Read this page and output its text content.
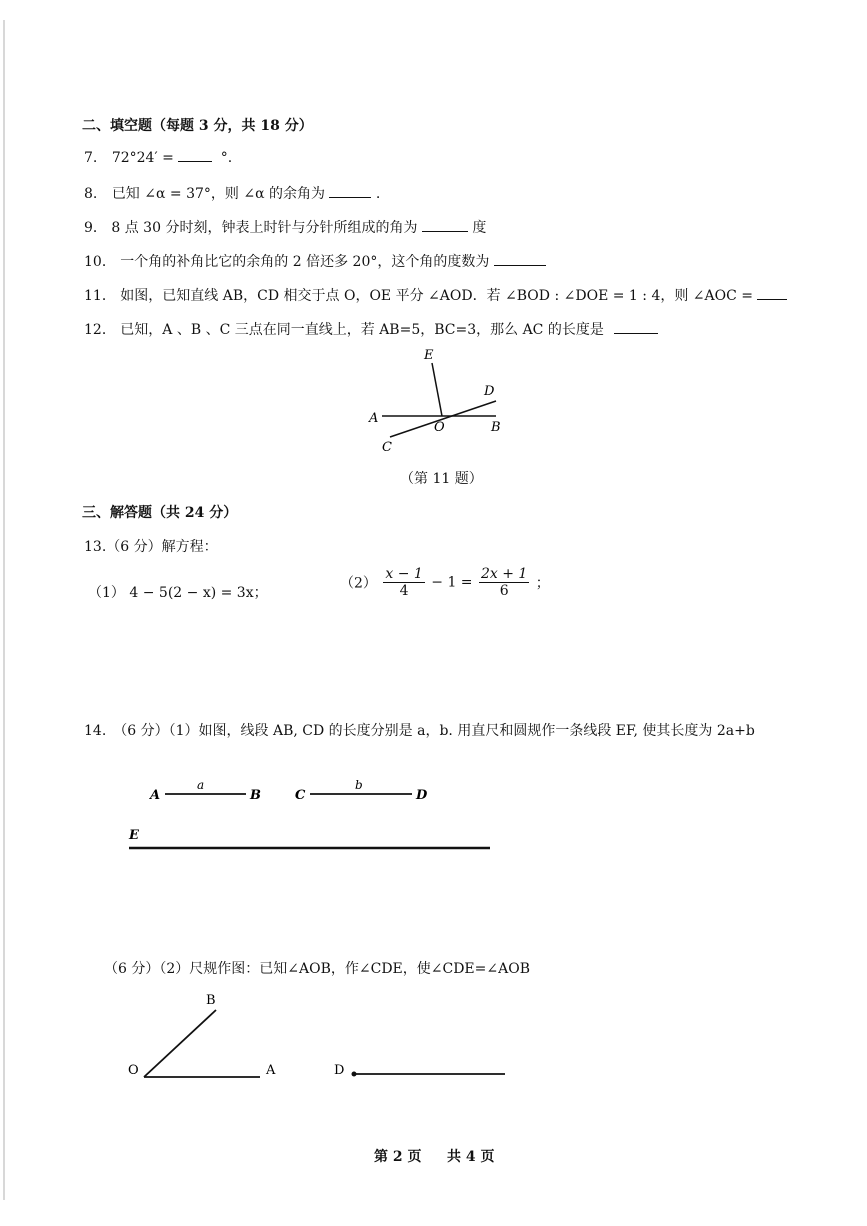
二、填空题（每题 3 分，共 18 分）
7. 72°24′ =	°.
8. 已知 ∠α = 37°，则 ∠α 的余角为	.
9． 8 点 30 分时刻，钟表上时针与分针所组成的角为	度
10． 一个角的补角比它的余角的 2 倍还多 20°，这个角的度数为
11． 如图，已知直线 AB，CD 相交于点 O，OE 平分 ∠AOD．若 ∠BOD : ∠DOE = 1 : 4，则 ∠AOC =
12． 已知，A 、B 、C 三点在同一直线上，若 AB=5，BC=3，那么 AC 的长度是
E
D
A
O	B
C
（第 11 题）
三、解答题（共 24 分）
13.（6 分）解方程：
（1） 4 − 5(2 − x) = 3x；
$(2) \frac{x - 1}{4} - 1 = \frac{2x + 1}{6}$ ；
14.　（6 分）（1）如图，线段 AB, CD 的长度分别是 a，b. 用直尺和圆规作一条线段 EF, 使其长度为 2a+b
A
a
B	C
b
D
E
（6 分）（2）尺规作图：已知∠AOB，作∠CDE，使∠CDE=∠AOB
B
O	A	D
第 2 页 共 4 页
